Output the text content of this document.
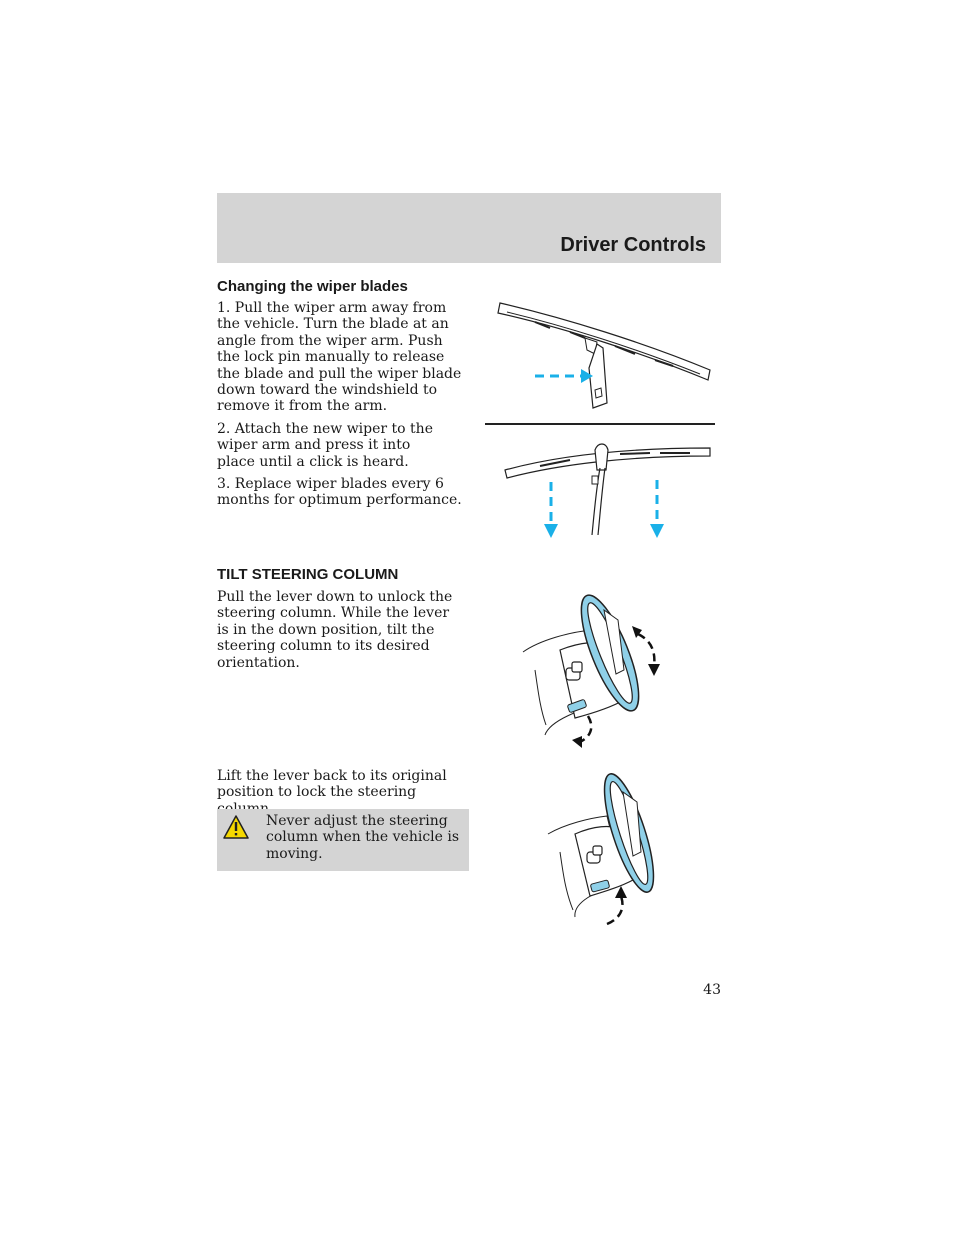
Driver Controls
Changing the wiper blades

1. Pull the wiper arm away from the vehicle. Turn the blade at an angle from the wiper arm. Push the lock pin manually to release the blade and pull the wiper blade down toward the windshield to remove it from the arm.

2. Attach the new wiper to the wiper arm and press it into place until a click is heard.

3. Replace wiper blades every 6 months for optimum performance.

TILT STEERING COLUMN

Pull the lever down to unlock the steering column. While the lever is in the down position, tilt the steering column to its desired orientation.

Lift the lever back to its original position to lock the steering

Never adjust the steering
column when the vehicle is
moving.

43
